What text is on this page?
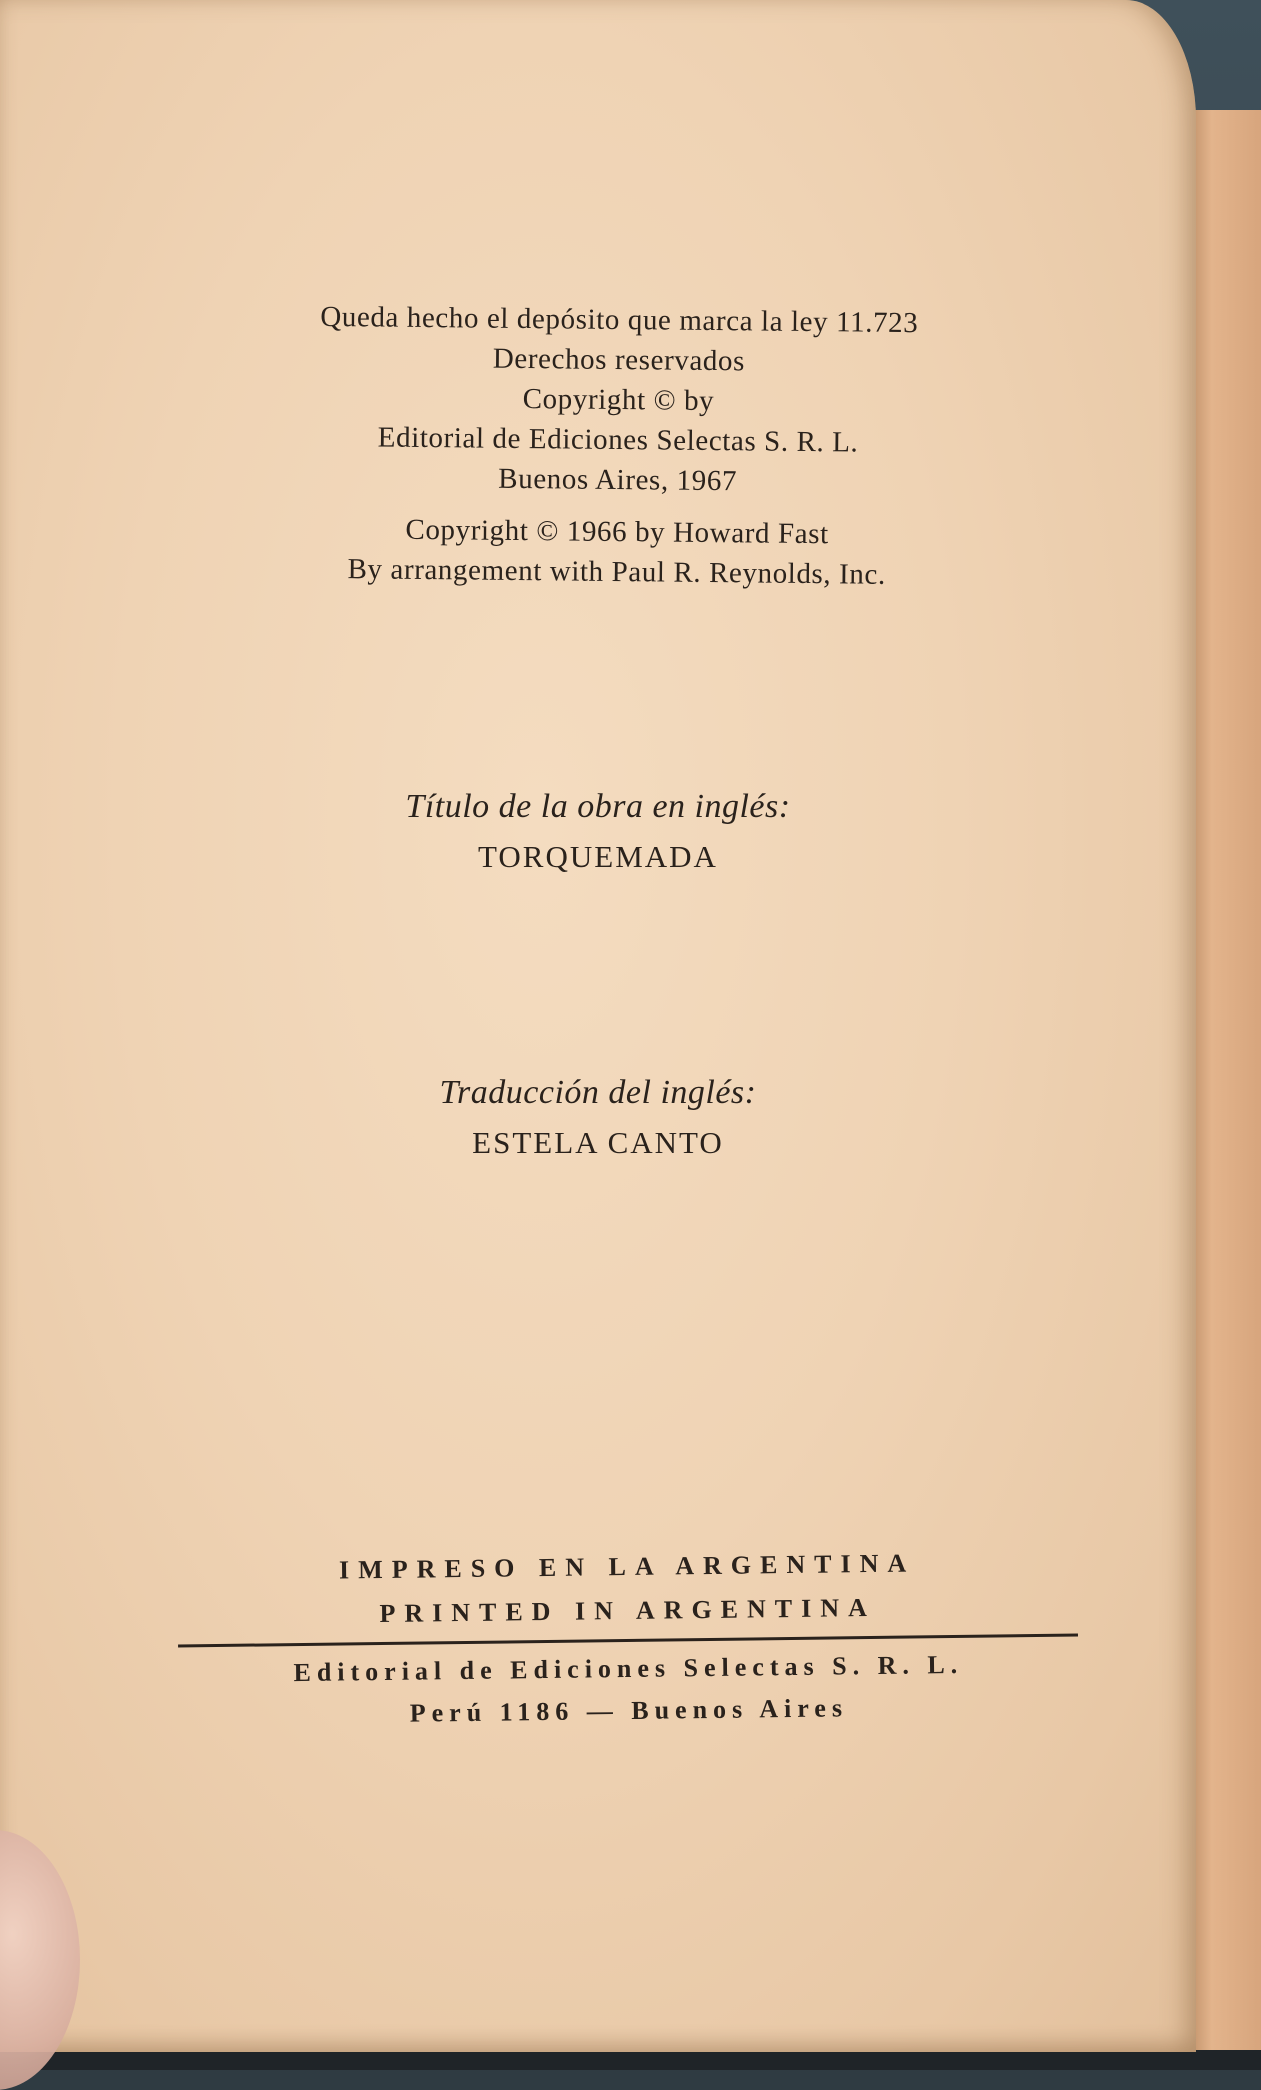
Queda hecho el depósito que marca la ley 11.723
Derechos reservados
Copyright © by
Editorial de Ediciones Selectas S. R. L.
Buenos Aires, 1967
Copyright © 1966 by Howard Fast
By arrangement with Paul R. Reynolds, Inc.
Título de la obra en inglés:
TORQUEMADA
Traducción del inglés:
ESTELA CANTO
IMPRESO EN LA ARGENTINA
PRINTED IN ARGENTINA
Editorial de Ediciones Selectas S. R. L.
Perú 1186 — Buenos Aires
